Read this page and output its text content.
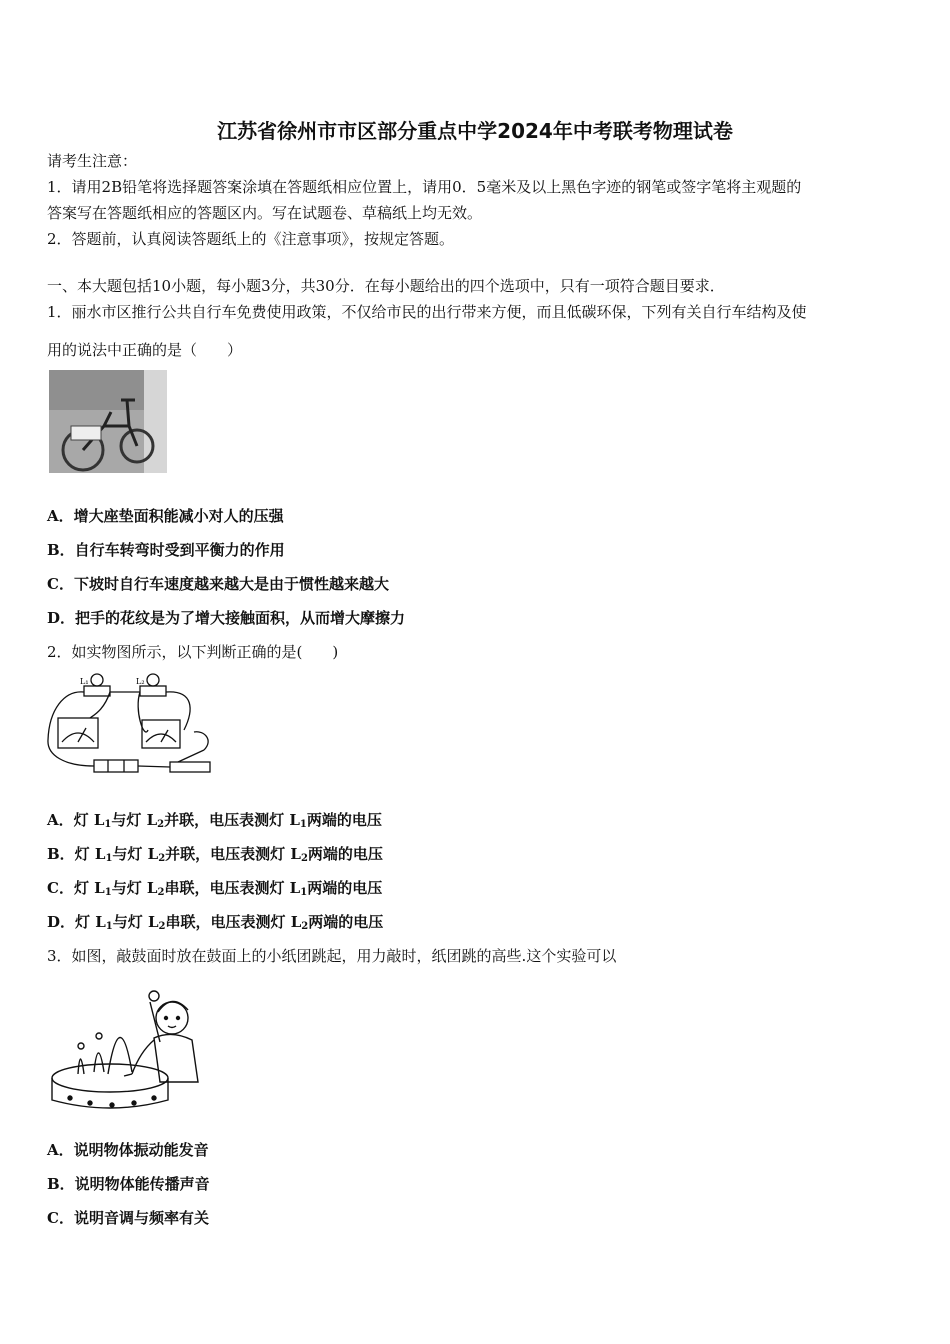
江苏省徐州市市区部分重点中学2024年中考联考物理试卷
请考生注意：
1．请用2B铅笔将选择题答案涂填在答题纸相应位置上，请用0．5毫米及以上黑色字迹的钢笔或签字笔将主观题的
答案写在答题纸相应的答题区内。写在试题卷、草稿纸上均无效。
2．答题前，认真阅读答题纸上的《注意事项》，按规定答题。
一、本大题包括10小题，每小题3分，共30分．在每小题给出的四个选项中，只有一项符合题目要求．
1．丽水市区推行公共自行车免费使用政策，不仅给市民的出行带来方便，而且低碳环保，下列有关自行车结构及使
用的说法中正确的是（　　）
A．增大座垫面积能减小对人的压强
B．自行车转弯时受到平衡力的作用
C．下坡时自行车速度越来越大是由于惯性越来越大
D．把手的花纹是为了增大接触面积，从而增大摩擦力
2．如实物图所示，以下判断正确的是(　　)
L₁	L₂
A．灯 $L_1$与灯 $L_2$并联，电压表测灯 $L_1$两端的电压
B．灯 $L_1$与灯 $L_2$并联，电压表测灯 $L_2$两端的电压
C．灯 $L_1$与灯 $L_2$串联，电压表测灯 $L_1$两端的电压
D．灯 $L_1$与灯 $L_2$串联，电压表测灯 $L_2$两端的电压
3．如图，敲鼓面时放在鼓面上的小纸团跳起，用力敲时，纸团跳的高些.这个实验可以
A．说明物体振动能发音
B．说明物体能传播声音
C．说明音调与频率有关
